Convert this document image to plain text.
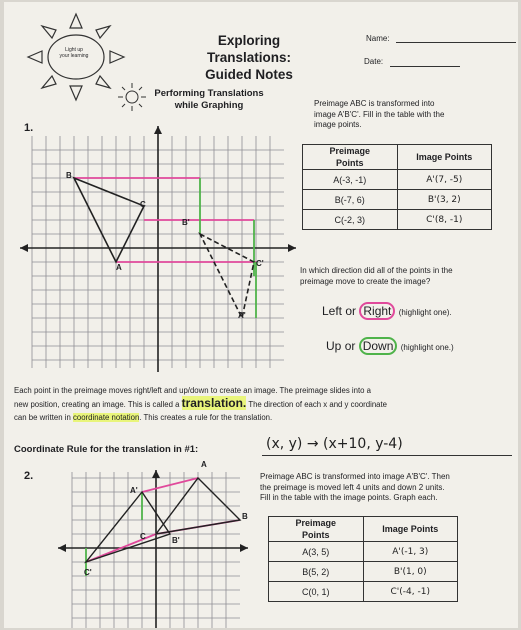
Light up
your learning
Exploring Translations:
Guided Notes
Name:
Date:
Performing Translations
while Graphing
1.
B
C
A
B'
C'
A'
Preimage ABC is transformed into
image A'B'C'. Fill in the table with the
image points.
Preimage
Points	Image Points
A(-3, -1)	A'(7, -5)
B(-7, 6)	B'(3, 2)
C(-2, 3)	C'(8, -1)
In which direction did all of the points in the
preimage move to create the image?
Left or Right (highlight one).
Up or Down (highlight one.)
Each point in the preimage moves right/left and up/down to create an image. The preimage slides into a
new position, creating an image. This is called a translation. The direction of each x and y coordinate
can be written in coordinate notation. This creates a rule for the translation.
Coordinate Rule for the translation in #1:	(x, y) → (x+10, y-4)
2.
A
B
C
A'
B'
C'
Preimage ABC is transformed into image A'B'C'. Then
the preimage is moved left 4 units and down 2 units.
Fill in the table with the image points. Graph each.
Preimage
Points	Image Points
A(3, 5)	A'(-1, 3)
B(5, 2)	B'(1, 0)
C(0, 1)	C'(-4, -1)
